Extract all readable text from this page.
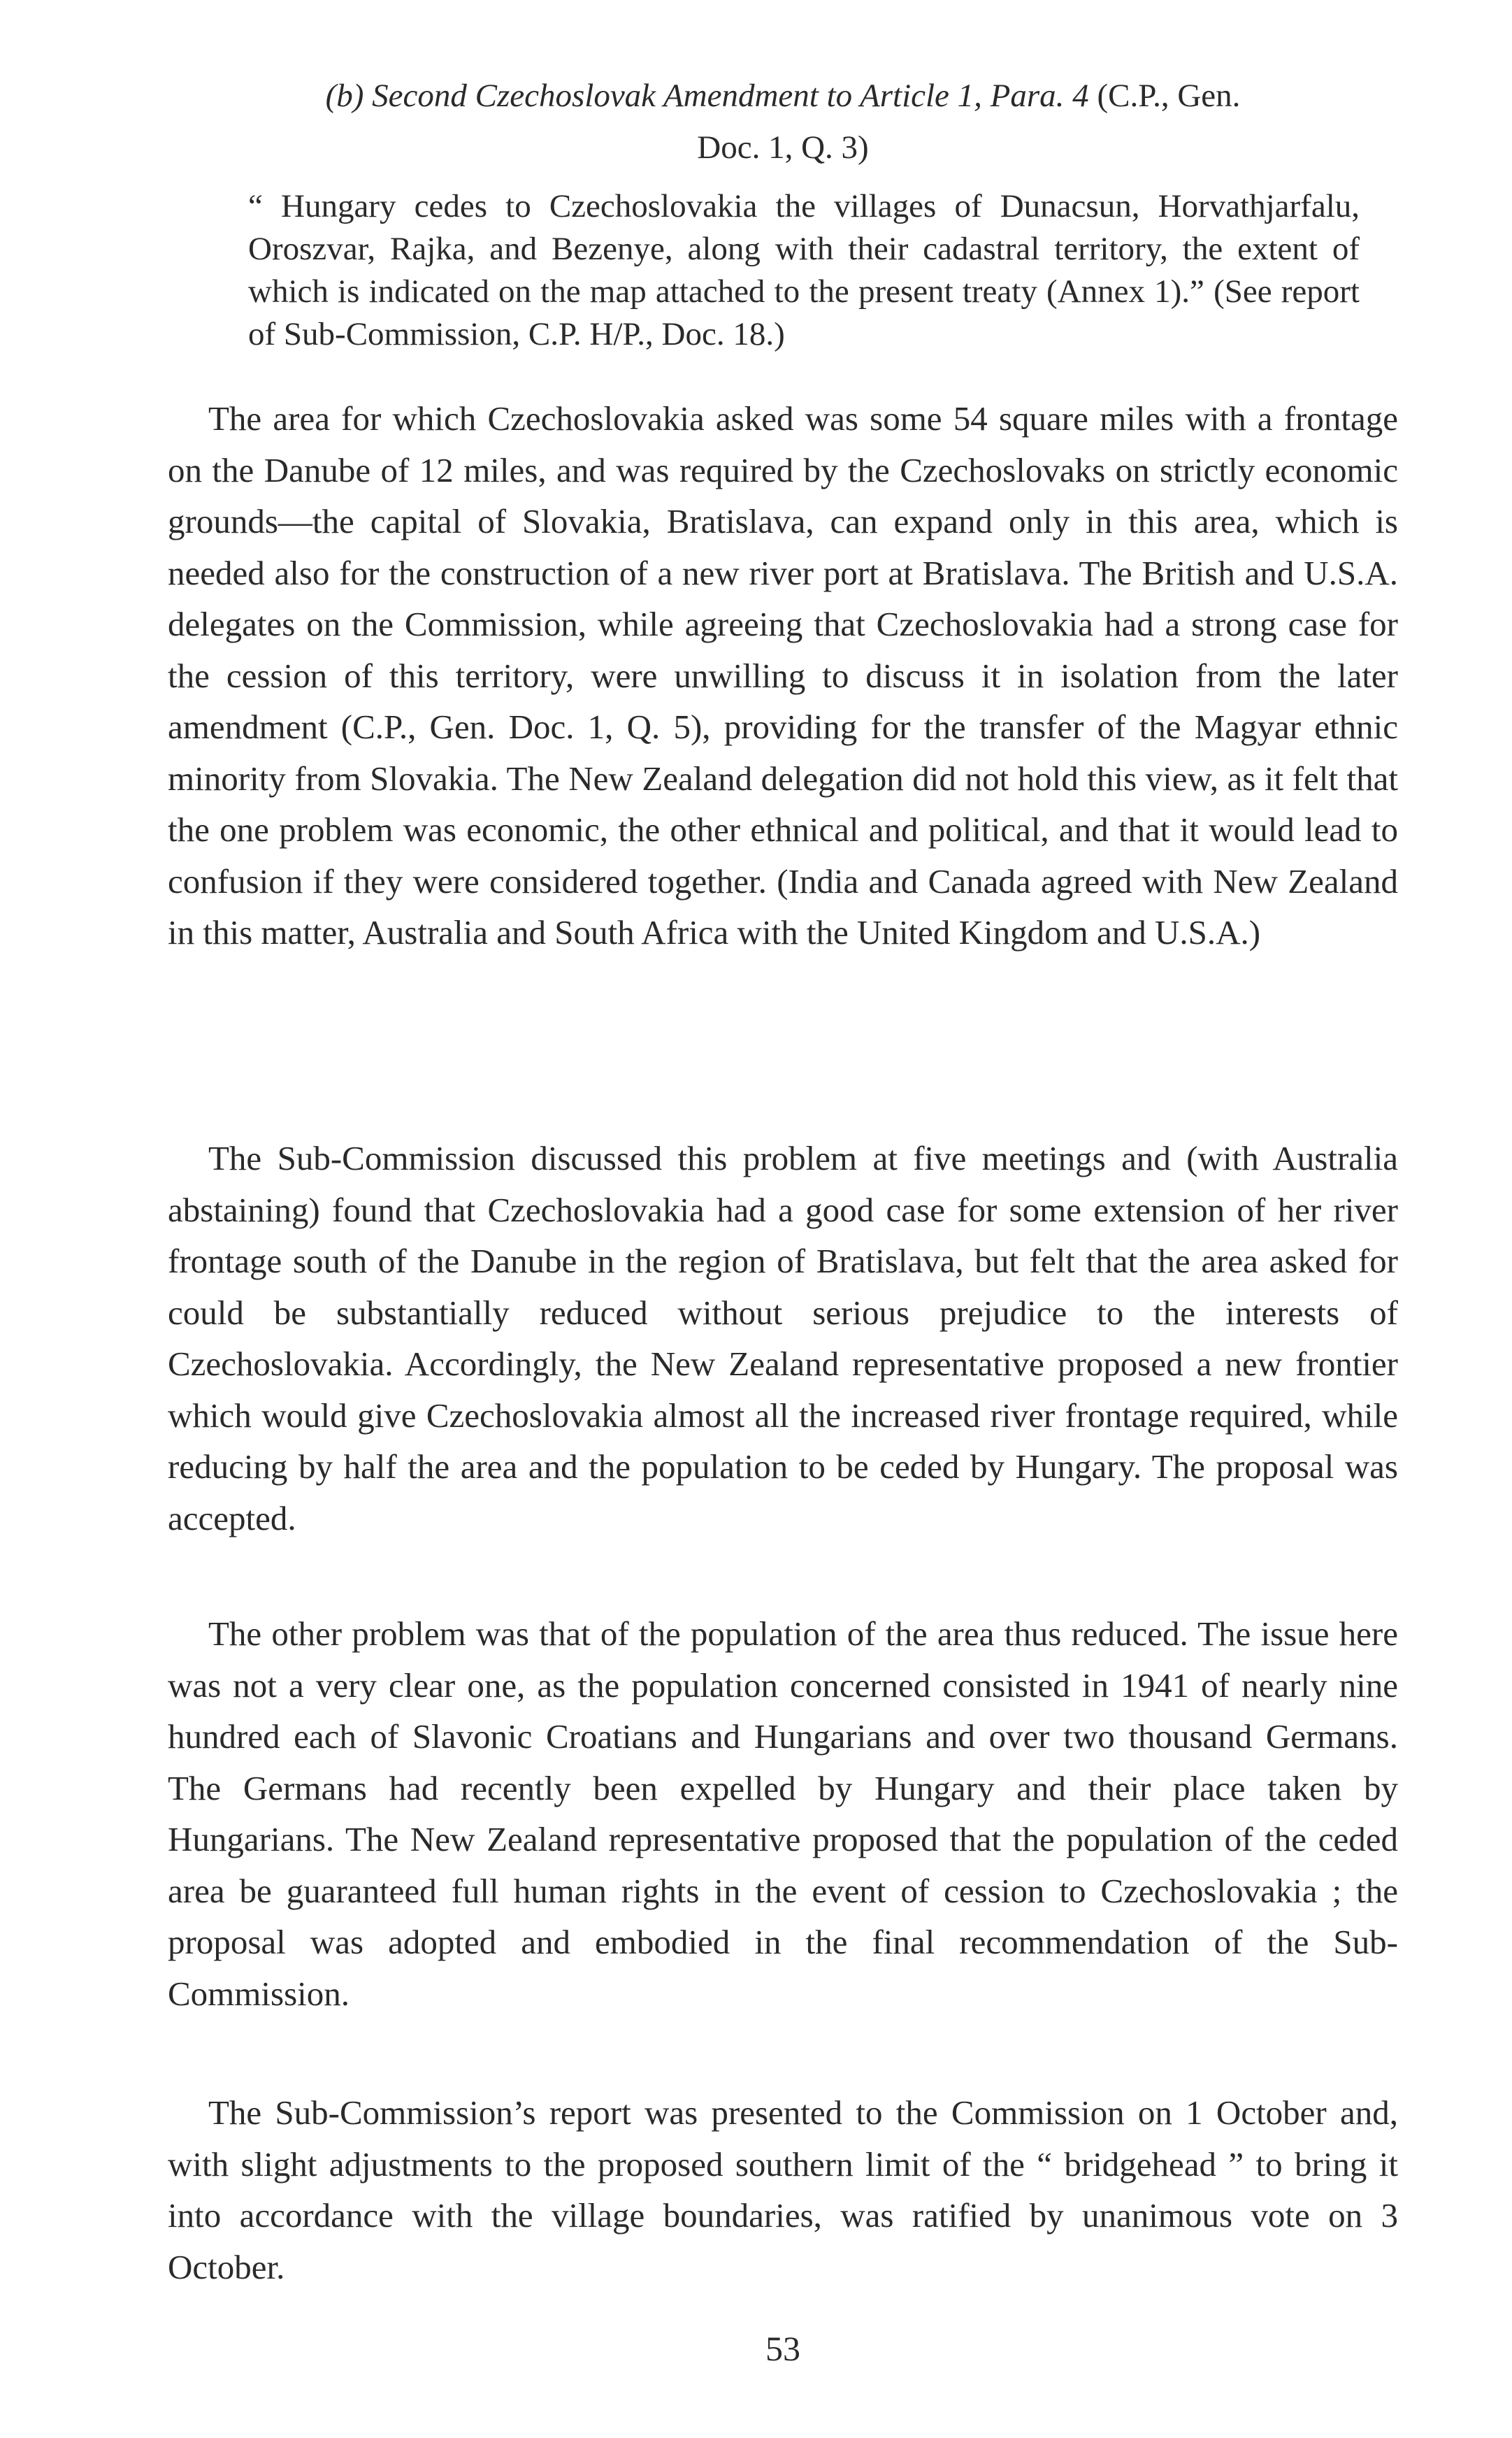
(b) Second Czechoslovak Amendment to Article 1, Para. 4 (C.P., Gen.
Doc. 1, Q. 3)
“ Hungary cedes to Czechoslovakia the villages of Dunacsun, Horvathjarfalu, Oroszvar, Rajka, and Bezenye, along with their cadastral territory, the extent of which is indicated on the map attached to the present treaty (Annex 1).” (See report of Sub-Commission, C.P. H/P., Doc. 18.)

The area for which Czechoslovakia asked was some 54 square miles with a frontage on the Danube of 12 miles, and was required by the Czechoslovaks on strictly economic grounds—the capital of Slovakia, Bratislava, can expand only in this area, which is needed also for the construction of a new river port at Bratislava. The British and U.S.A. delegates on the Commission, while agreeing that Czechoslovakia had a strong case for the cession of this territory, were unwilling to discuss it in isolation from the later amendment (C.P., Gen. Doc. 1, Q. 5), providing for the transfer of the Magyar ethnic minority from Slovakia. The New Zealand delegation did not hold this view, as it felt that the one problem was economic, the other ethnical and political, and that it would lead to confusion if they were considered together. (India and Canada agreed with New Zealand in this matter, Australia and South Africa with the United Kingdom and U.S.A.)

The Sub-Commission discussed this problem at five meetings and (with Australia abstaining) found that Czechoslovakia had a good case for some extension of her river frontage south of the Danube in the region of Bratislava, but felt that the area asked for could be substantially reduced without serious prejudice to the interests of Czechoslovakia. Accordingly, the New Zealand representative proposed a new frontier which would give Czechoslovakia almost all the increased river frontage required, while reducing by half the area and the population to be ceded by Hungary. The proposal was accepted.

The other problem was that of the population of the area thus reduced. The issue here was not a very clear one, as the population concerned consisted in 1941 of nearly nine hundred each of Slavonic Croatians and Hungarians and over two thousand Germans. The Germans had recently been expelled by Hungary and their place taken by Hungarians. The New Zealand representative proposed that the population of the ceded area be guaranteed full human rights in the event of cession to Czechoslovakia ; the proposal was adopted and embodied in the final recommendation of the Sub-Commission.

The Sub-Commission’s report was presented to the Commission on 1 October and, with slight adjustments to the proposed southern limit of the “ bridgehead ” to bring it into accordance with the village boundaries, was ratified by unanimous vote on 3 October.

53
